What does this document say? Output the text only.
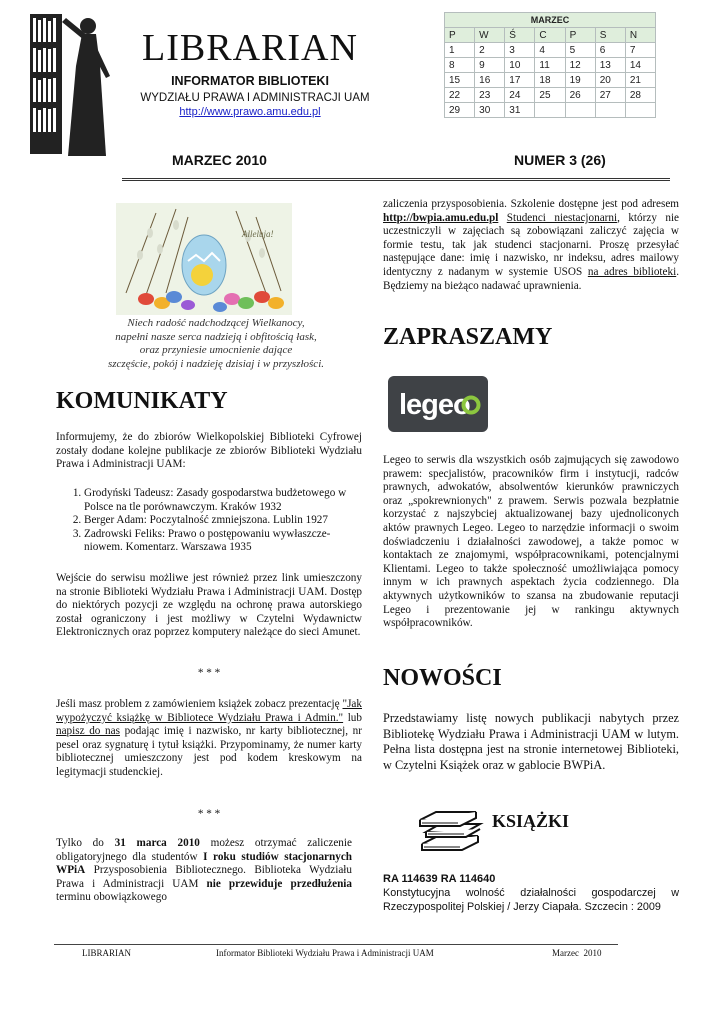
LIBRARIAN
INFORMATOR BIBLIOTEKI
WYDZIAŁU PRAWA I ADMINISTRACJI UAM
http://www.prawo.amu.edu.pl
MARZEC						
P	W	Ś	C	P	S	N
1	2	3	4	5	6	7
8	9	10	11	12	13	14
15	16	17	18	19	20	21
22	23	24	25	26	27	28
29	30	31				
MARZEC 2010	NUMER 3 (26)
Alleluja!
Niech radość nadchodzącej Wielkanocy,
napełni nasze serca nadzieją i obfitością łask,
oraz przyniesie umocnienie dające
szczęście, pokój i nadzieję dzisiaj i w przyszłości.
KOMUNIKATY
Informujemy, że do zbiorów Wielkopolskiej Biblioteki Cyfrowej zostały dodane kolejne publikacje ze zbiorów Biblioteki Wydziału Prawa i Administracji UAM:
1. Grodyński Tadeusz: Zasady gospodarstwa budżetowego w Polsce na tle porównawczym. Kraków 1932
2. Berger Adam: Poczytalność zmniejszona. Lublin 1927
3. Zadrowski Feliks: Prawo o postępowaniu wywłaszcze-niowem. Komentarz. Warszawa 1935
Wejście do serwisu możliwe jest również przez link umieszczony na stronie Biblioteki Wydziału Prawa i Administracji UAM. Dostęp do niektórych pozycji ze względu na ochronę prawa autorskiego został ograniczony i jest możliwy w Czytelni Wydawnictw Elektronicznych oraz poprzez komputery należące do sieci Amunet.
* * *
Jeśli masz problem z zamówieniem książek zobacz prezentację "Jak wypożyczyć książkę w Bibliotece Wydziału Prawa i Admin." lub napisz do nas podając imię i nazwisko, nr karty bibliotecznej, nr pesel oraz sygnaturę i tytuł książki. Przypominamy, że numer karty bibliotecznej umieszczony jest pod kodem kreskowym na legitymacji studenckiej.
* * *
Tylko do 31 marca 2010 możesz otrzymać zaliczenie obligatoryjnego dla studentów I roku studiów stacjonarnych WPiA Przysposobienia Bibliotecznego. Biblioteka Wydziału Prawa i Administracji UAM nie przewiduje przedłużenia terminu obowiązkowego
zaliczenia przysposobienia. Szkolenie dostępne jest pod adresem http://bwpia.amu.edu.pl Studenci niestacjonarni, którzy nie uczestniczyli w zajęciach są zobowiązani zaliczyć zajęcia w formie testu, tak jak studenci stacjonarni. Proszę przesyłać następujące dane: imię i nazwisko, nr indeksu, adres mailowy identyczny z nadanym w systemie USOS na adres biblioteki. Będziemy na bieżąco nadawać uprawnienia.
ZAPRASZAMY
legeo
Legeo to serwis dla wszystkich osób zajmujących się zawodowo prawem: specjalistów, pracowników firm i instytucji, radców prawnych, adwokatów, absolwentów kierunków prawniczych oraz „spokrewnionych" z prawem. Serwis pozwala bezpłatnie korzystać z najszybciej aktualizowanej bazy ujednoliconych aktów prawnych Legeo. Legeo to narzędzie informacji o swoim doświadczeniu i działalności zawodowej, a także pomoc w kontaktach ze znajomymi, współpracownikami, potencjalnymi Klientami. Legeo to także społeczność umożliwiająca pomocy innym w ich prawnych aspektach życia codziennego. Dla aktywnych użytkowników to szansa na zbudowanie reputacji Legeo i prezentowanie jej w rankingu aktywnych współpracowników.
NOWOŚCI
Przedstawiamy listę nowych publikacji nabytych przez Bibliotekę Wydziału Prawa i Administracji UAM w lutym. Pełna lista dostępna jest na stronie internetowej Biblioteki, w Czytelni Książek oraz w gablocie BWPiA.
KSIĄŻKI
RA 114639 RA 114640
Konstytucyjna wolność działalności gospodarczej w Rzeczypospolitej Polskiej / Jerzy Ciapała. Szczecin : 2009
LIBRARIAN	Informator Biblioteki Wydziału Prawa i Administracji UAM	Marzec  2010
